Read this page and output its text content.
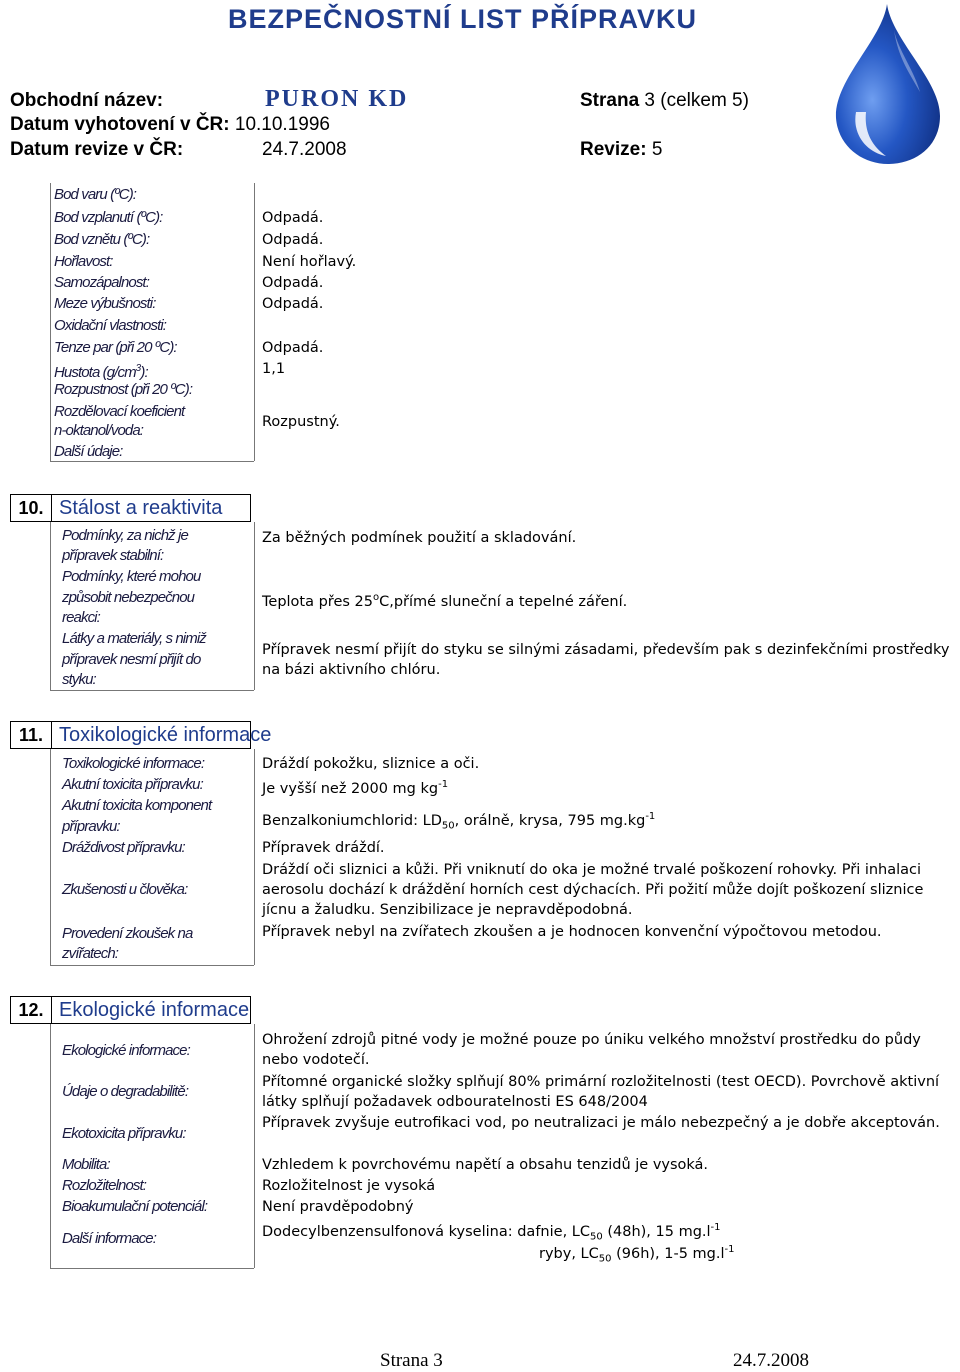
BEZPEČNOSTNÍ LIST PŘÍPRAVKU
Obchodní název:	PURON KD	Strana 3 (celkem 5)
Datum vyhotovení v ČR: 10.10.1996
Datum revize v ČR:	24.7.2008	Revize: 5
Bod varu (ºC):
Bod vzplanutí (ºC):	Odpadá.
Bod vznětu (ºC):	Odpadá.
Hořlavost:	Není hořlavý.
Samozápalnost:	Odpadá.
Meze výbušnosti:	Odpadá.
Oxidační vlastnosti:
Tenze par (při 20 ºC):	Odpadá.
Hustota $(g/cm^3)$:	1,1
Rozpustnost (při 20 ºC):
Rozdělovací koeficient
n-oktanol/voda:	Rozpustný.
Další údaje:
10. Stálost a reaktivita
Podmínky, za nichž je
přípravek stabilní:
Za běžných podmínek použití a skladování.
Podmínky, které mohou
způsobit nebezpečnou
reakci:
Teplota přes 25$^o$C,přímé sluneční a tepelné záření.
Látky a materiály, s nimiž
přípravek nesmí přijít do
styku:
Přípravek nesmí přijít do styku se silnými zásadami, především pak s dezinfekčními prostředky na bázi aktivního chlóru.
11. Toxikologické informace
Toxikologické informace:	Dráždí pokožku, sliznice a oči.
Akutní toxicita přípravku:	Je vyšší než 2000 mg $kg^{-1}$
Akutní toxicita komponent
přípravku:	Benzalkoniumchlorid: $LD_{50}$, orálně, krysa, 795 $mg.kg^{-1}$
Dráždivost přípravku:	Přípravek dráždí.
Zkušenosti u člověka:
Dráždí oči sliznici a kůži. Při vniknutí do oka je možné trvalé poškození rohovky. Při inhalaci aerosolu dochází k dráždění horních cest dýchacích. Při požití může dojít poškození sliznice jícnu a žaludku. Senzibilizace je nepravděpodobná.
Provedení zkoušek na
zvířatech:
Přípravek nebyl na zvířatech zkoušen a je hodnocen konvenční výpočtovou metodou.
12. Ekologické informace
Ekologické informace:
Ohrožení zdrojů pitné vody je možné pouze po úniku velkého množství prostředku do půdy nebo vodotečí.
Údaje o degradabilitě:
Přítomné organické složky splňují 80% primární rozložitelnosti (test OECD). Povrchově aktivní látky splňují požadavek odbouratelnosti ES 648/2004
Ekotoxicita přípravku:
Přípravek zvyšuje eutrofikaci vod, po neutralizaci je málo nebezpečný a je dobře akceptován.
Mobilita:	Vzhledem k povrchovému napětí a obsahu tenzidů je vysoká.
Rozložitelnost:	Rozložitelnost je vysoká
Bioakumulační potenciál:	Není pravděpodobný
Další informace:	Dodecylbenzensulfonová kyselina: dafnie, $LC_{50}$ (48h), 15 $mg.l^{-1}$
ryby, $LC_{50}$ (96h), 1-5 $mg.l^{-1}$
Strana 3	24.7.2008
